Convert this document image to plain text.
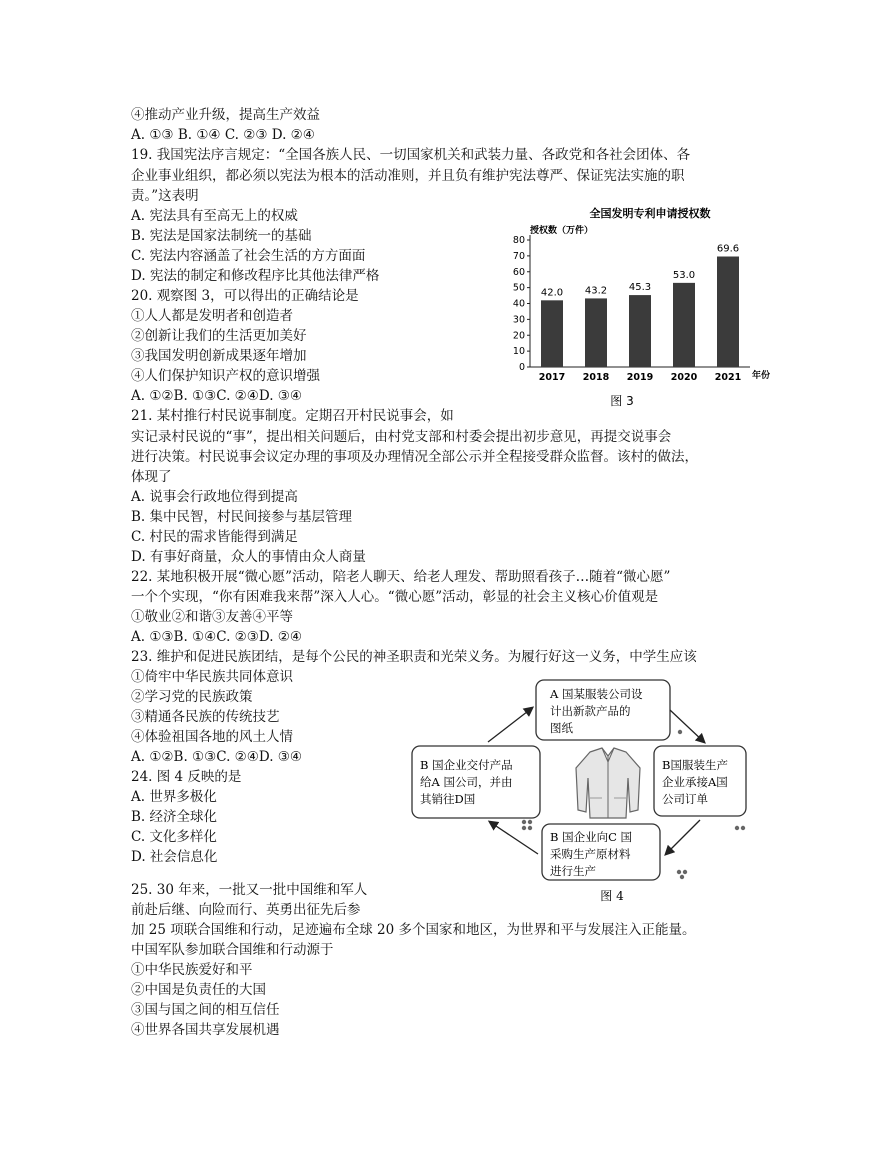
④推动产业升级，提高生产效益
A. ①③ B. ①④ C. ②③ D. ②④
19. 我国宪法序言规定：“全国各族人民、一切国家机关和武装力量、各政党和各社会团体、各
企业事业组织，都必须以宪法为根本的活动准则，并且负有维护宪法尊严、保证宪法实施的职
责。”这表明
A. 宪法具有至高无上的权威
B. 宪法是国家法制统一的基础
C. 宪法内容涵盖了社会生活的方方面面
D. 宪法的制定和修改程序比其他法律严格
20. 观察图 3，可以得出的正确结论是
①人人都是发明者和创造者
②创新让我们的生活更加美好
③我国发明创新成果逐年增加
④人们保护知识产权的意识增强
A. ①②B. ①③C. ②④D. ③④
21. 某村推行村民说事制度。定期召开村民说事会，如
实记录村民说的“事”，提出相关问题后，由村党支部和村委会提出初步意见，再提交说事会
进行决策。村民说事会议定办理的事项及办理情况全部公示并全程接受群众监督。该村的做法，
体现了
A. 说事会行政地位得到提高
B. 集中民智，村民间接参与基层管理
C. 村民的需求皆能得到满足
D. 有事好商量，众人的事情由众人商量
22. 某地积极开展“微心愿”活动，陪老人聊天、给老人理发、帮助照看孩子…随着“微心愿”
一个个实现，“你有困难我来帮”深入人心。“微心愿”活动，彰显的社会主义核心价值观是
①敬业②和谐③友善④平等
A. ①③B. ①④C. ②③D. ②④
23. 维护和促进民族团结，是每个公民的神圣职责和光荣义务。为履行好这一义务，中学生应该
①倚牢中华民族共同体意识
②学习党的民族政策
③精通各民族的传统技艺
④体验祖国各地的风土人情
A. ①②B. ①③C. ②④D. ③④
24. 图 4 反映的是
A. 世界多极化
B. 经济全球化
C. 文化多样化
D. 社会信息化
25. 30 年来，一批又一批中国维和军人
前赴后继、向险而行、英勇出征先后参
加 25 项联合国维和行动，足迹遍布全球 20 多个国家和地区，为世界和平与发展注入正能量。
中国军队参加联合国维和行动源于
①中华民族爱好和平
②中国是负责任的大国
③国与国之间的相互信任
④世界各国共享发展机遇
全国发明专利申请授权数
授权数（万件）
年份
图 3
0
10
20
30
40
50
60
70
80
42.0
2017
43.2
2018
45.3
2019
53.0
2020
69.6
2021
A 国某服装公司设
计出新款产品的
图纸
B国服装生产
企业承接A国
公司订单
B 国企业向C 国
采购生产原材料
进行生产
B 国企业交付产品
给A 国公司，并由
其销往D国
图 4
